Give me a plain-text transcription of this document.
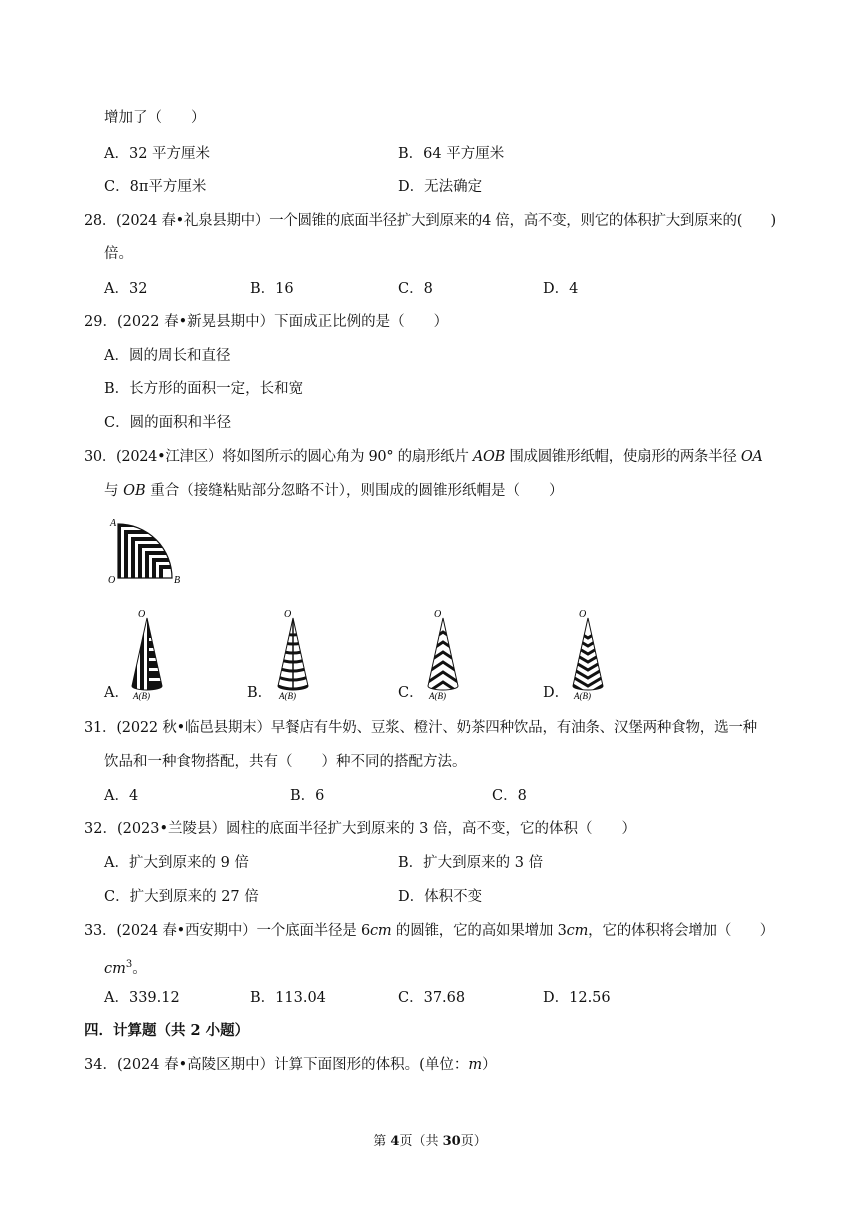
增加了（　　）
A．32 平方厘米	B．64 平方厘米
C．8π平方厘米	D．无法确定
28．(2024 春•礼泉县期中）一个圆锥的底面半径扩大到原来的4 倍，高不变，则它的体积扩大到原来的(　　)
倍。
A．32	B．16	C．8	D．4
29．(2022 春•新晃县期中）下面成正比例的是（　　）
A．圆的周长和直径
B．长方形的面积一定，长和宽
C．圆的面积和半径
30．(2024•江津区）将如图所示的圆心角为 90° 的扇形纸片 AOB 围成圆锥形纸帽，使扇形的两条半径 OA
与 OB 重合（接缝粘贴部分忽略不计），则围成的圆锥形纸帽是（　　）
A
O	B
A．	B．	C．	D．
O
A(B)
O
A(B)
O
A(B)
O
A(B)
31．(2022 秋•临邑县期末）早餐店有牛奶、豆浆、橙汁、奶茶四种饮品，有油条、汉堡两种食物，选一种
饮品和一种食物搭配，共有（　　）种不同的搭配方法。
A．4	B．6	C．8
32．(2023•兰陵县）圆柱的底面半径扩大到原来的 3 倍，高不变，它的体积（　　）
A．扩大到原来的 9 倍	B．扩大到原来的 3 倍
C．扩大到原来的 27 倍	D．体积不变
33．(2024 春•西安期中）一个底面半径是 6cm 的圆锥，它的高如果增加 3cm，它的体积将会增加（　　）
$cm^3$。
A．339.12	B．113.04	C．37.68	D．12.56
四．计算题（共 2 小题）
34．(2024 春•高陵区期中）计算下面图形的体积。(单位：m）
第 4页（共 30页）
